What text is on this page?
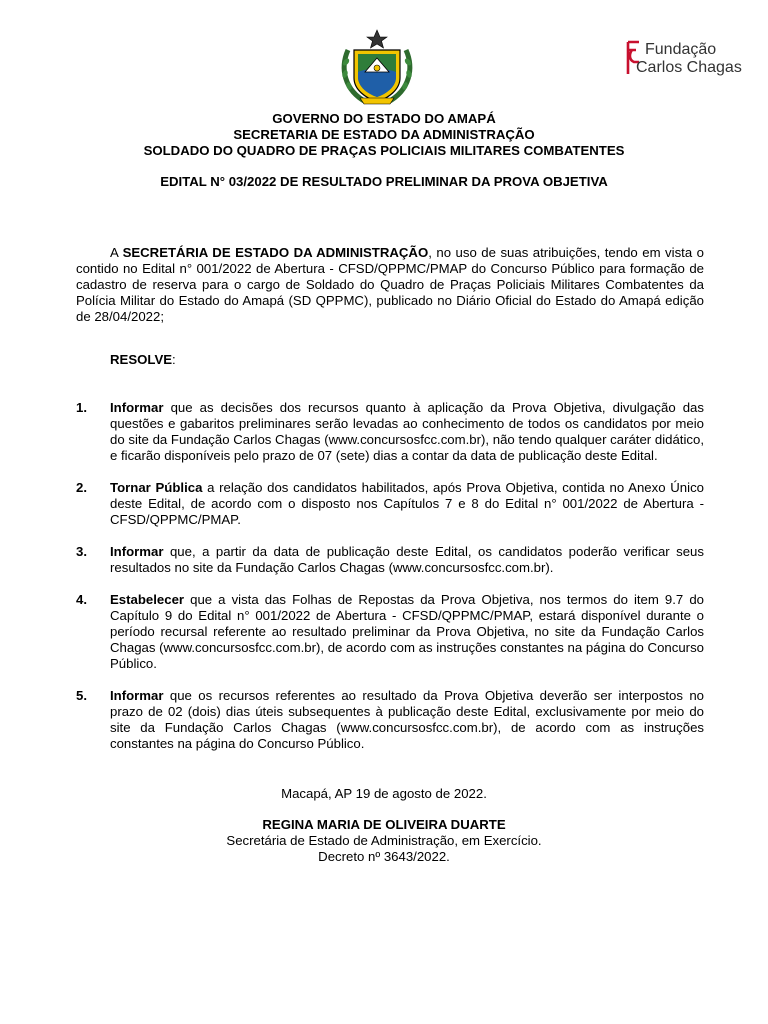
Fundação
Carlos Chagas
GOVERNO DO ESTADO DO AMAPÁ
SECRETARIA DE ESTADO DA ADMINISTRAÇÃO
SOLDADO DO QUADRO DE PRAÇAS POLICIAIS MILITARES COMBATENTES
EDITAL N° 03/2022 DE RESULTADO PRELIMINAR DA PROVA OBJETIVA

A SECRETÁRIA DE ESTADO DA ADMINISTRAÇÃO, no uso de suas atribuições, tendo em vista o contido no Edital n° 001/2022 de Abertura - CFSD/QPPMC/PMAP do Concurso Público para formação de cadastro de reserva para o cargo de Soldado do Quadro de Praças Policiais Militares Combatentes da Polícia Militar do Estado do Amapá (SD QPPMC), publicado no Diário Oficial do Estado do Amapá edição de 28/04/2022;

RESOLVE:
1. Informar que as decisões dos recursos quanto à aplicação da Prova Objetiva, divulgação das questões e gabaritos preliminares serão levadas ao conhecimento de todos os candidatos por meio do site da Fundação Carlos Chagas (www.concursosfcc.com.br), não tendo qualquer caráter didático, e ficarão disponíveis pelo prazo de 07 (sete) dias a contar da data de publicação deste Edital.
2. Tornar Pública a relação dos candidatos habilitados, após Prova Objetiva, contida no Anexo Único deste Edital, de acordo com o disposto nos Capítulos 7 e 8 do Edital n° 001/2022 de Abertura - CFSD/QPPMC/PMAP.
3. Informar que, a partir da data de publicação deste Edital, os candidatos poderão verificar seus resultados no site da Fundação Carlos Chagas (www.concursosfcc.com.br).
4. Estabelecer que a vista das Folhas de Repostas da Prova Objetiva, nos termos do item 9.7 do Capítulo 9 do Edital n° 001/2022 de Abertura - CFSD/QPPMC/PMAP, estará disponível durante o período recursal referente ao resultado preliminar da Prova Objetiva, no site da Fundação Carlos Chagas (www.concursosfcc.com.br), de acordo com as instruções constantes na página do Concurso Público.
5. Informar que os recursos referentes ao resultado da Prova Objetiva deverão ser interpostos no prazo de 02 (dois) dias úteis subsequentes à publicação deste Edital, exclusivamente por meio do site da Fundação Carlos Chagas (www.concursosfcc.com.br), de acordo com as instruções constantes na página do Concurso Público.
Macapá, AP 19 de agosto de 2022.
REGINA MARIA DE OLIVEIRA DUARTE
Secretária de Estado de Administração, em Exercício.
Decreto nº 3643/2022.
